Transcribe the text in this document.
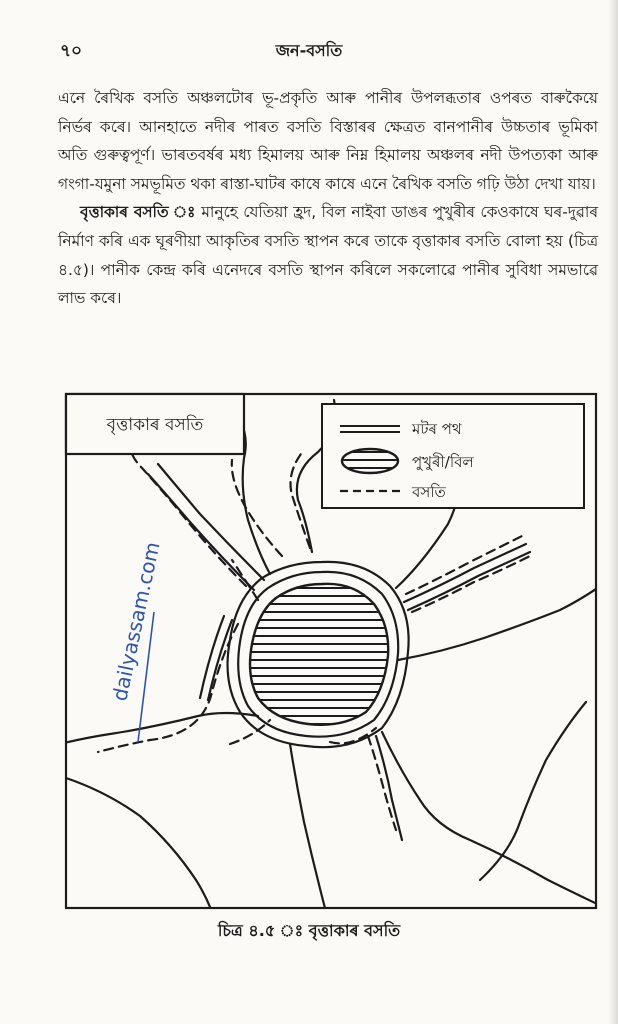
৭০	জন-বসতি

এনে ৰৈখিক বসতি অঞ্চলটোৰ ভূ-প্ৰকৃতি আৰু পানীৰ উপলব্ধতাৰ ওপৰত বাৰুকৈয়ে নিৰ্ভৰ কৰে। আনহাতে নদীৰ পাৰত বসতি বিস্তাৰৰ ক্ষেত্ৰত বানপানীৰ উচ্চতাৰ ভূমিকা অতি গুৰুত্বপূৰ্ণ। ভাৰতবৰ্ষৰ মধ্য হিমালয় আৰু নিম্ন হিমালয় অঞ্চলৰ নদী উপত্যকা আৰু গংগা-যমুনা সমভূমিত থকা ৰাস্তা-ঘাটৰ কাষে কাষে এনে ৰৈখিক বসতি গঢ়ি উঠা দেখা যায়।

বৃত্তাকাৰ বসতি ঃ মানুহে যেতিয়া হ্ৰদ, বিল নাইবা ডাঙৰ পুখুৰীৰ কেওকাষে ঘৰ-দুৱাৰ নিৰ্মাণ কৰি এক ঘূৰণীয়া আকৃতিৰ বসতি স্থাপন কৰে তাকে বৃত্তাকাৰ বসতি বোলা হয় (চিত্ৰ ৪.৫)। পানীক কেন্দ্ৰ কৰি এনেদৰে বসতি স্থাপন কৰিলে সকলোৱে পানীৰ সুবিধা সমভাৱে লাভ কৰে।

বৃত্তাকাৰ বসতি	মটৰ পথ
পুখুৰী/বিল
বসতি
dailyassam.com
চিত্ৰ ৪.৫ ঃ বৃত্তাকাৰ বসতি
